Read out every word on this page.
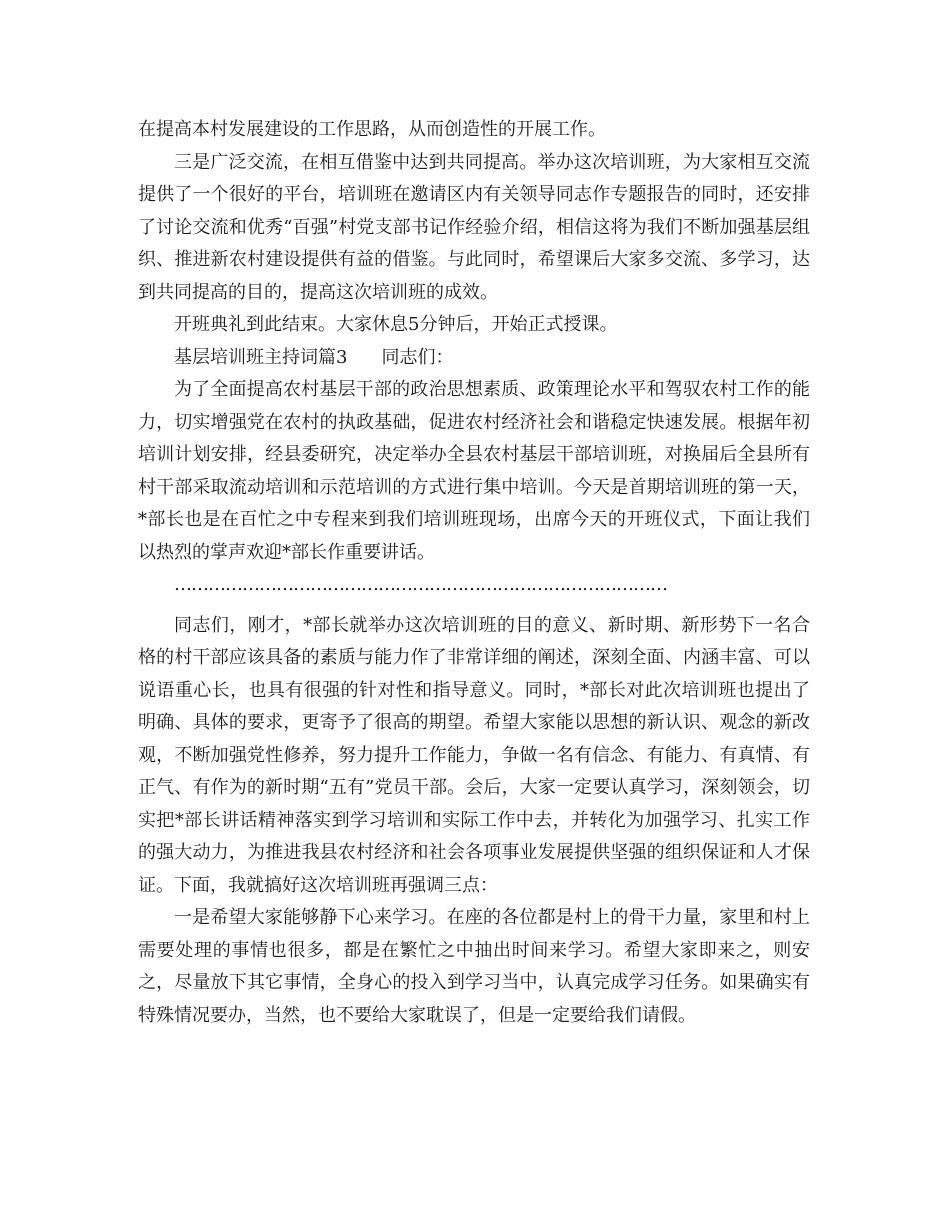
在提高本村发展建设的工作思路，从而创造性的开展工作。

三是广泛交流，在相互借鉴中达到共同提高。举办这次培训班，为大家相互交流提供了一个很好的平台，培训班在邀请区内有关领导同志作专题报告的同时，还安排了讨论交流和优秀“百强”村党支部书记作经验介绍，相信这将为我们不断加强基层组织、推进新农村建设提供有益的借鉴。与此同时，希望课后大家多交流、多学习，达到共同提高的目的，提高这次培训班的成效。

开班典礼到此结束。大家休息5分钟后，开始正式授课。

基层培训班主持词篇3 同志们：

为了全面提高农村基层干部的政治思想素质、政策理论水平和驾驭农村工作的能力，切实增强党在农村的执政基础，促进农村经济社会和谐稳定快速发展。根据年初培训计划安排，经县委研究，决定举办全县农村基层干部培训班，对换届后全县所有村干部采取流动培训和示范培训的方式进行集中培训。今天是首期培训班的第一天，*部长也是在百忙之中专程来到我们培训班现场，出席今天的开班仪式，下面让我们以热烈的掌声欢迎*部长作重要讲话。

……………………………………………………………………………

同志们，刚才，*部长就举办这次培训班的目的意义、新时期、新形势下一名合格的村干部应该具备的素质与能力作了非常详细的阐述，深刻全面、内涵丰富、可以说语重心长，也具有很强的针对性和指导意义。同时，*部长对此次培训班也提出了明确、具体的要求，更寄予了很高的期望。希望大家能以思想的新认识、观念的新改观，不断加强党性修养，努力提升工作能力，争做一名有信念、有能力、有真情、有正气、有作为的新时期“五有”党员干部。会后，大家一定要认真学习，深刻领会，切实把*部长讲话精神落实到学习培训和实际工作中去，并转化为加强学习、扎实工作的强大动力，为推进我县农村经济和社会各项事业发展提供坚强的组织保证和人才保证。下面，我就搞好这次培训班再强调三点：

一是希望大家能够静下心来学习。在座的各位都是村上的骨干力量，家里和村上需要处理的事情也很多，都是在繁忙之中抽出时间来学习。希望大家即来之，则安之，尽量放下其它事情，全身心的投入到学习当中，认真完成学习任务。如果确实有特殊情况要办，当然，也不要给大家耽误了，但是一定要给我们请假。
